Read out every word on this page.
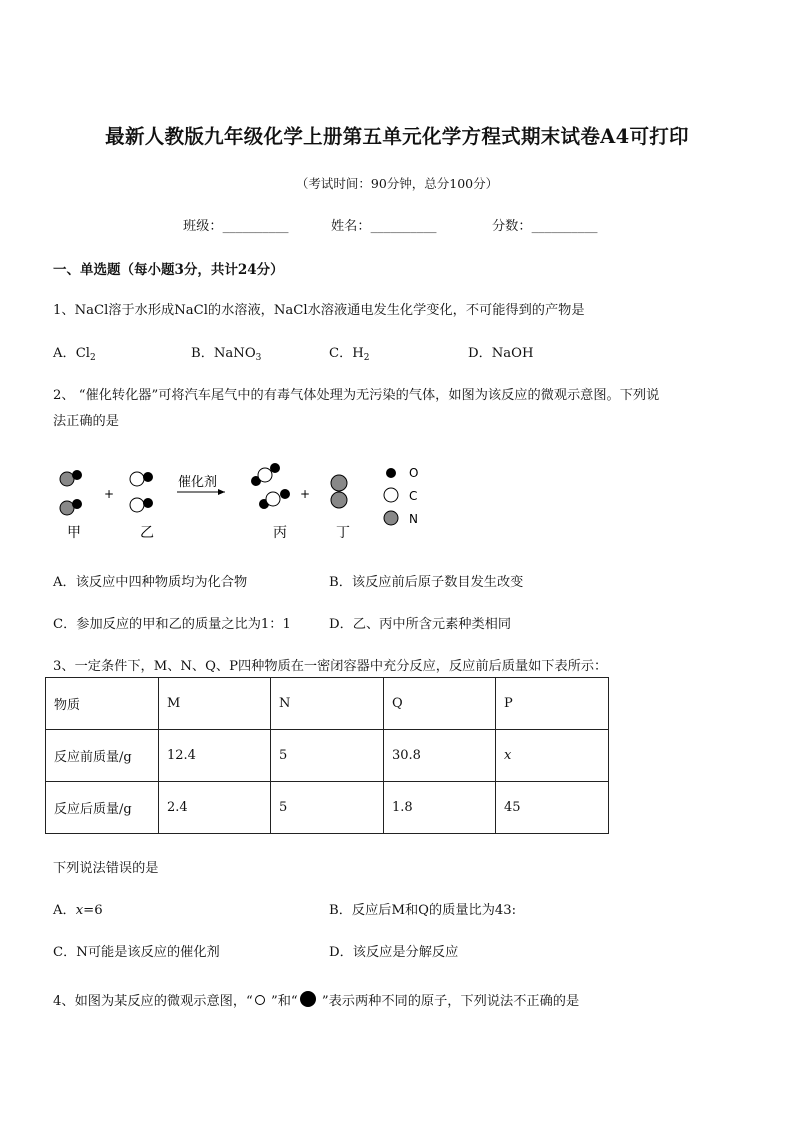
最新人教版九年级化学上册第五单元化学方程式期末试卷A4可打印
（考试时间：90分钟，总分100分）
班级：__________	姓名：__________	分数：__________
一、单选题（每小题3分，共计24分）
1、NaCl溶于水形成NaCl的水溶液，NaCl水溶液通电发生化学变化，不可能得到的产物是
A．$Cl_2$	B．NaNO$_3$	C．$H_2$	D．NaOH
2、 “催化转化器”可将汽车尾气中的有毒气体处理为无污染的气体，如图为该反应的微观示意图。下列说
法正确的是
+
催化剂
+
甲	乙	丙	丁
O
C
N
A．该反应中四种物质均为化合物	B．该反应前后原子数目发生改变
C．参加反应的甲和乙的质量之比为1：1	D．乙、丙中所含元素种类相同
3、一定条件下，M、N、Q、P四种物质在一密闭容器中充分反应，反应前后质量如下表所示：
物质	M	N	Q	P
反应前质量/g	12.4	5	30.8	x
反应后质量/g	2.4	5	1.8	45
下列说法错误的是
A．x=6	B．反应后M和Q的质量比为43:
C．N可能是该反应的催化剂	D．该反应是分解反应
4、如图为某反应的微观示意图，“ ”和“ ”表示两种不同的原子，下列说法不正确的是
